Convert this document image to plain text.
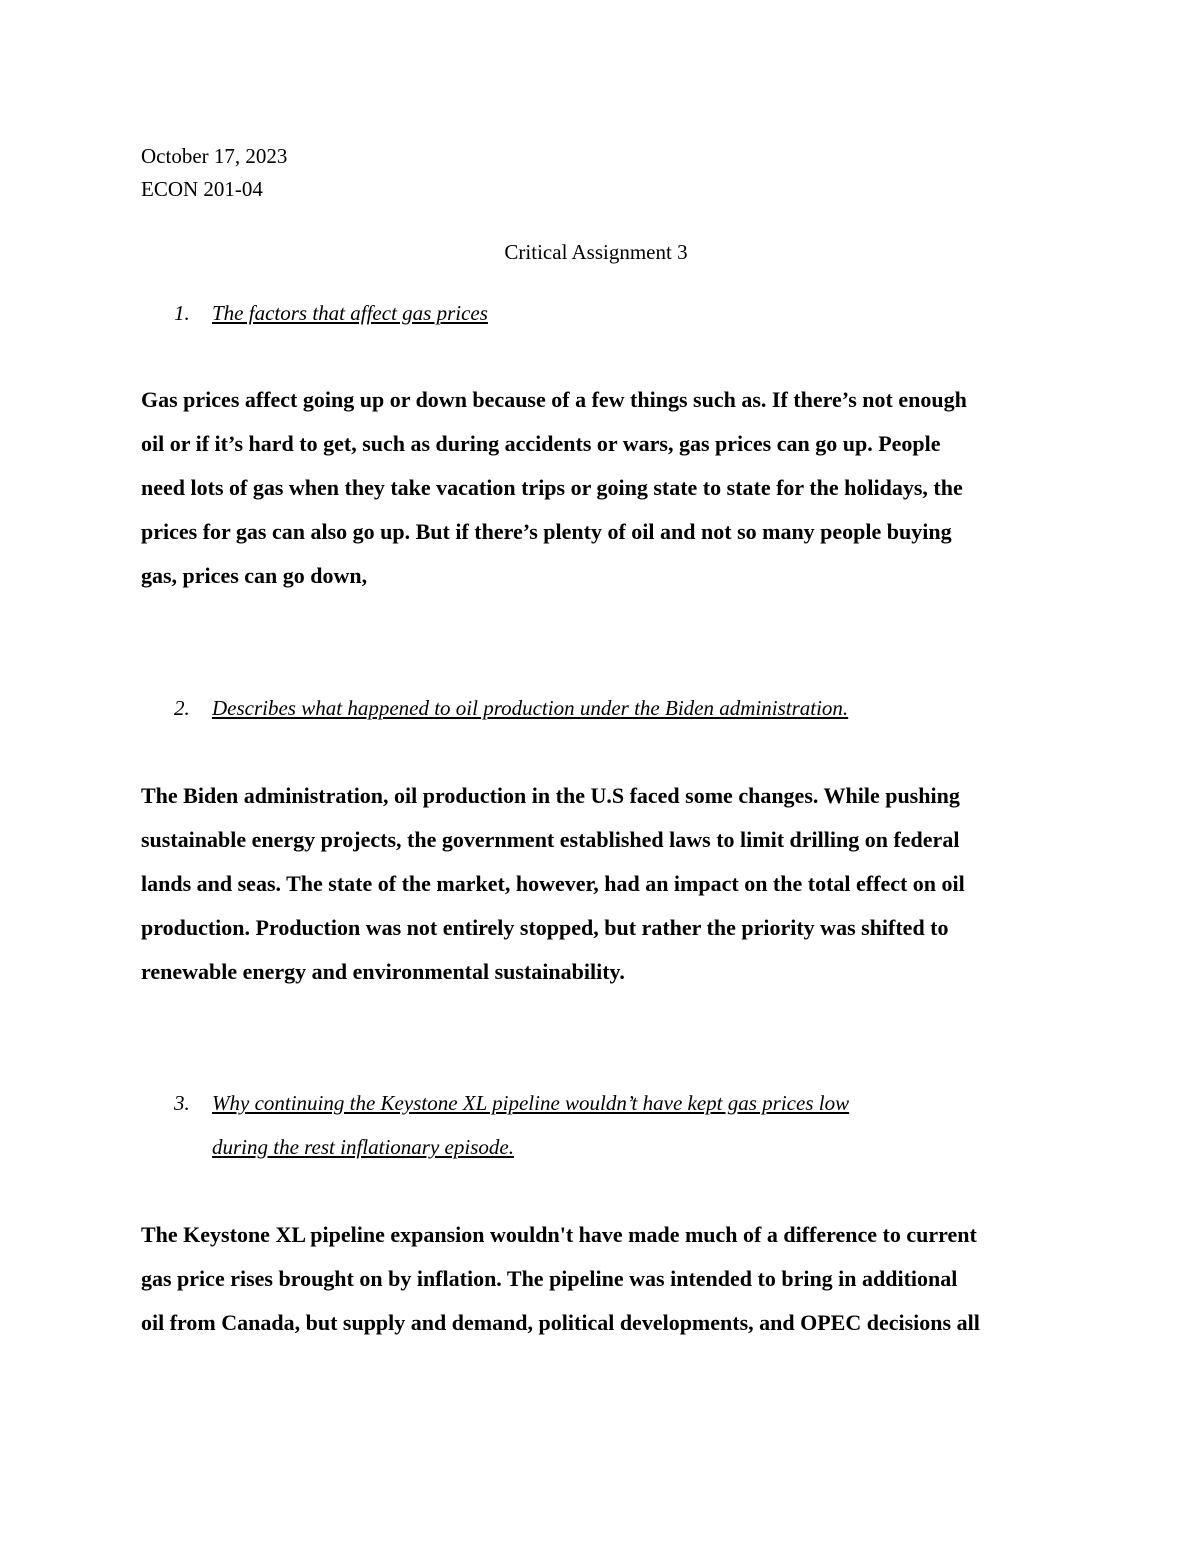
October 17, 2023
ECON 201-04
Critical Assignment 3
1. The factors that affect gas prices
Gas prices affect going up or down because of a few things such as. If there’s not enough
oil or if it’s hard to get, such as during accidents or wars, gas prices can go up. People
need lots of gas when they take vacation trips or going state to state for the holidays, the
prices for gas can also go up. But if there’s plenty of oil and not so many people buying
gas, prices can go down,
2. Describes what happened to oil production under the Biden administration.
The Biden administration, oil production in the U.S faced some changes. While pushing
sustainable energy projects, the government established laws to limit drilling on federal
lands and seas. The state of the market, however, had an impact on the total effect on oil
production. Production was not entirely stopped, but rather the priority was shifted to
renewable energy and environmental sustainability.
3. Why continuing the Keystone XL pipeline wouldn’t have kept gas prices low
during the rest inflationary episode.
The Keystone XL pipeline expansion wouldn't have made much of a difference to current
gas price rises brought on by inflation. The pipeline was intended to bring in additional
oil from Canada, but supply and demand, political developments, and OPEC decisions all
